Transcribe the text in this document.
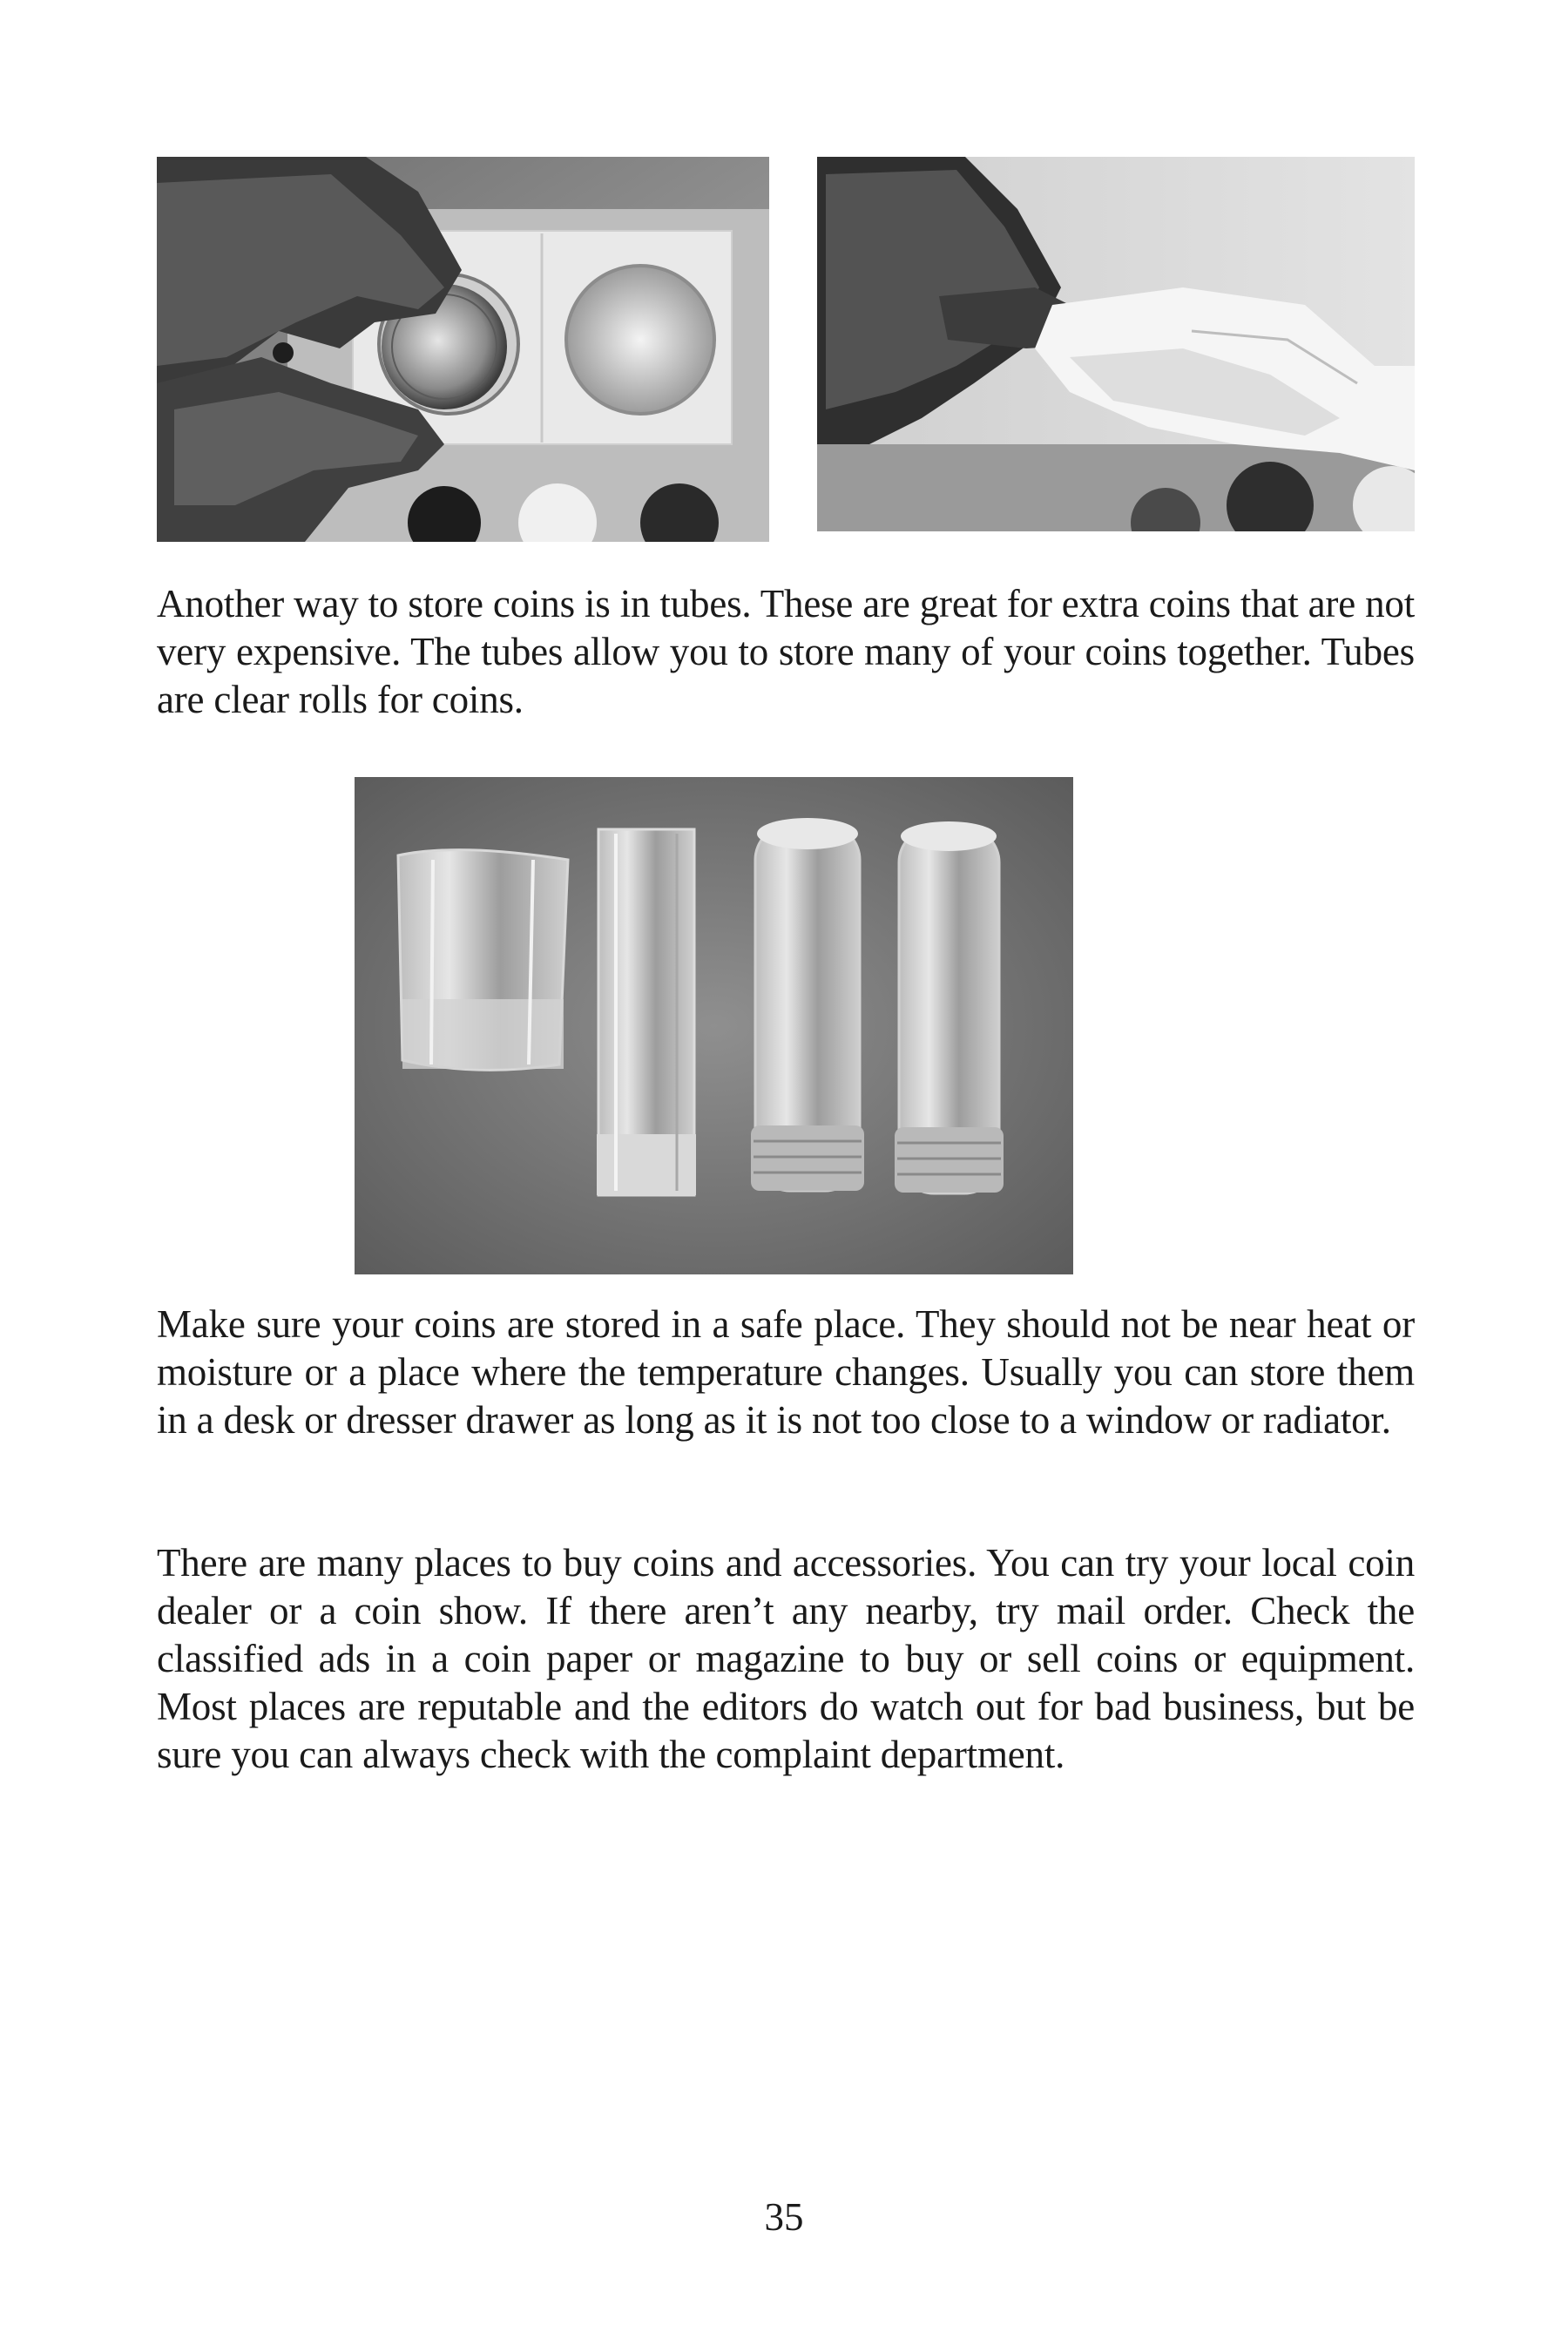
Another way to store coins is in tubes. These are great for extra coins that are not very expensive. The tubes allow you to store many of your coins together. Tubes are clear rolls for coins.

Make sure your coins are stored in a safe place. They should not be near heat or moisture or a place where the temperature changes. Usually you can store them in a desk or dresser drawer as long as it is not too close to a window or radiator.

There are many places to buy coins and accessories. You can try your local coin dealer or a coin show. If there aren’t any nearby, try mail order. Check the classified ads in a coin paper or magazine to buy or sell coins or equipment. Most places are reputable and the editors do watch out for bad business, but be sure you can always check with the complaint department.

35
